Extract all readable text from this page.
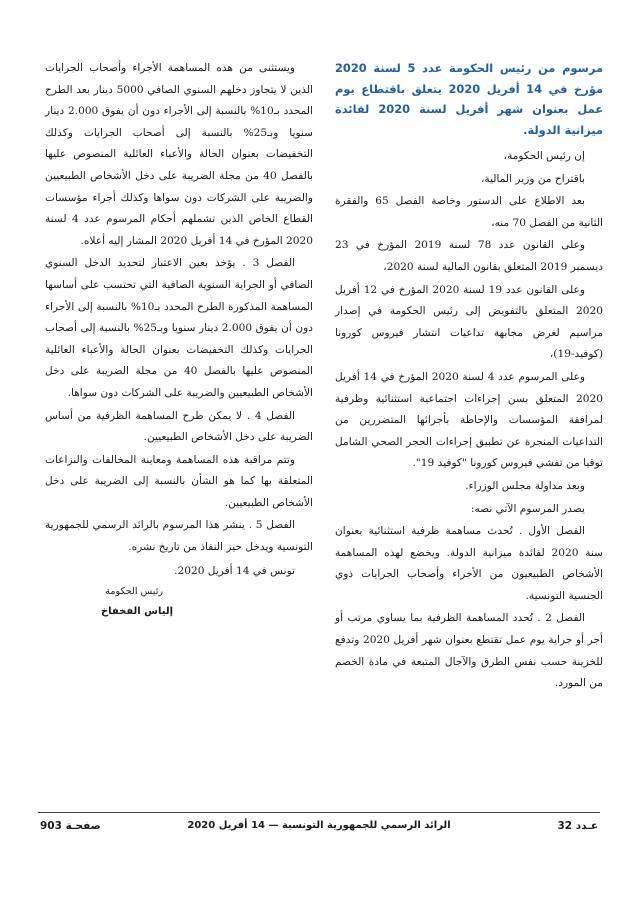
مرسوم من رئيس الحكومة عدد 5 لسنة 2020 مؤرخ في 14 أفريل 2020 يتعلق باقتطاع يوم عمل بعنوان شهر أفريل لسنة 2020 لفائدة ميزانية الدولة.

إن رئيس الحكومة،

باقتراح من وزير المالية،

بعد الاطلاع على الدستور وخاصة الفصل 65 والفقرة الثانية من الفصل 70 منه،

وعلى القانون عدد 78 لسنة 2019 المؤرخ في 23 ديسمبر 2019 المتعلق بقانون المالية لسنة 2020،

وعلى القانون عدد 19 لسنة 2020 المؤرخ في 12 أفريل 2020 المتعلق بالتفويض إلى رئيس الحكومة في إصدار مراسيم لغرض مجابهة تداعيات انتشار فيروس كورونا (كوفيد-19)،

وعلى المرسوم عدد 4 لسنة 2020 المؤرخ في 14 أفريل 2020 المتعلق بسن إجراءات اجتماعية استثنائية وظرفية لمرافقة المؤسسات والإحاطة بأجرائها المتضررين من التداعيات المنجرة عن تطبيق إجراءات الحجر الصحي الشامل توقيا من تفشي فيروس كورونا "كوفيد 19".

وبعد مداولة مجلس الوزراء.

يصدر المرسوم الآتي نصه:

الفصل الأول . تُحدث مساهمة ظرفية استثنائية بعنوان سنة 2020 لفائدة ميزانية الدولة. ويخضع لهذه المساهمة الأشخاص الطبيعيون من الأجراء وأصحاب الجرايات ذوي الجنسية التونسية.

الفصل 2 . تُحدد المساهمة الظرفية بما يساوي مرتب أو أجر أو جراية يوم عمل تقتطع بعنوان شهر أفريل 2020 وتدفع للخزينة حسب نفس الطرق والآجال المتبعة في مادة الخصم من المورد.

ويستثنى من هذه المساهمة الأجراء وأصحاب الجرايات الذين لا يتجاوز دخلهم السنوي الصافي 5000 دينار بعد الطرح المحدد بـ10% بالنسبة إلى الأجراء دون أن يفوق 2.000 دينار سنويا وبـ25% بالنسبة إلى أصحاب الجرايات وكذلك التخفيضات بعنوان الحالة والأعباء العائلية المنصوص عليها بالفصل 40 من مجلة الضريبة على دخل الأشخاص الطبيعيين والضريبة على الشركات دون سواها وكذلك أجراء مؤسسات القطاع الخاص الذين تشملهم أحكام المرسوم عدد 4 لسنة 2020 المؤرخ في 14 أفريل 2020 المشار إليه أعلاه.

الفصل 3 . يؤخذ بعين الاعتبار لتحديد الدخل السنوي الصافي أو الجراية السنوية الصافية التي تحتسب على أساسها المساهمة المذكورة الطرح المحدد بـ10% بالنسبة إلى الأجراء دون أن يفوق 2.000 دينار سنويا وبـ25% بالنسبة إلى أصحاب الجرايات وكذلك التخفيضات بعنوان الحالة والأعباء العائلية المنصوص عليها بالفصل 40 من مجلة الضريبة على دخل الأشخاص الطبيعيين والضريبة على الشركات دون سواها.

الفصل 4 . لا يمكن طرح المساهمة الظرفية من أساس الضريبة على دخل الأشخاص الطبيعيين.

وتتم مراقبة هذه المساهمة ومعاينة المخالفات والنزاعات المتعلقة بها كما هو الشأن بالنسبة إلى الضريبة على دخل الأشخاص الطبيعيين.

الفصل 5 . ينشر هذا المرسوم بالرائد الرسمي للجمهورية التونسية ويدخل حيز النفاذ من تاريخ نشره.

تونس في 14 أفريل 2020.

رئيس الحكومة

إلياس الفخفاخ

عـدد 32
الرائد الرسمي للجمهورية التونسية — 14 أفريل 2020
صفحـة 903
